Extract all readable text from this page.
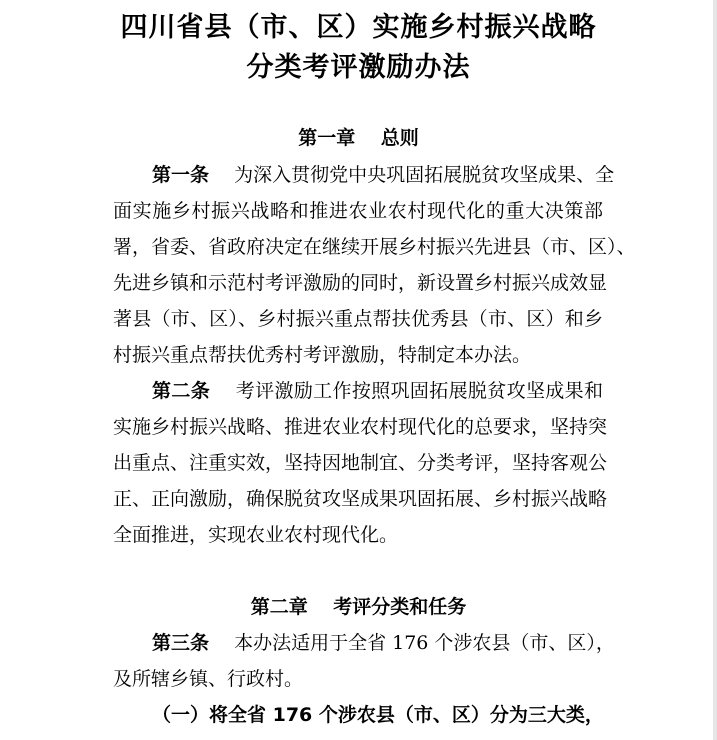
四川省县（市、区）实施乡村振兴战略
分类考评激励办法
第一章　 总则
第一条　 为深入贯彻党中央巩固拓展脱贫攻坚成果、全
面实施乡村振兴战略和推进农业农村现代化的重大决策部
署，省委、省政府决定在继续开展乡村振兴先进县（市、区）、
先进乡镇和示范村考评激励的同时，新设置乡村振兴成效显
著县（市、区）、乡村振兴重点帮扶优秀县（市、区）和乡
村振兴重点帮扶优秀村考评激励，特制定本办法。
第二条　 考评激励工作按照巩固拓展脱贫攻坚成果和
实施乡村振兴战略、推进农业农村现代化的总要求，坚持突
出重点、注重实效，坚持因地制宜、分类考评，坚持客观公
正、正向激励，确保脱贫攻坚成果巩固拓展、乡村振兴战略
全面推进，实现农业农村现代化。
第二章　 考评分类和任务
第三条　 本办法适用于全省 176 个涉农县（市、区），
及所辖乡镇、行政村。
（一）将全省 176 个涉农县（市、区）分为三大类，
